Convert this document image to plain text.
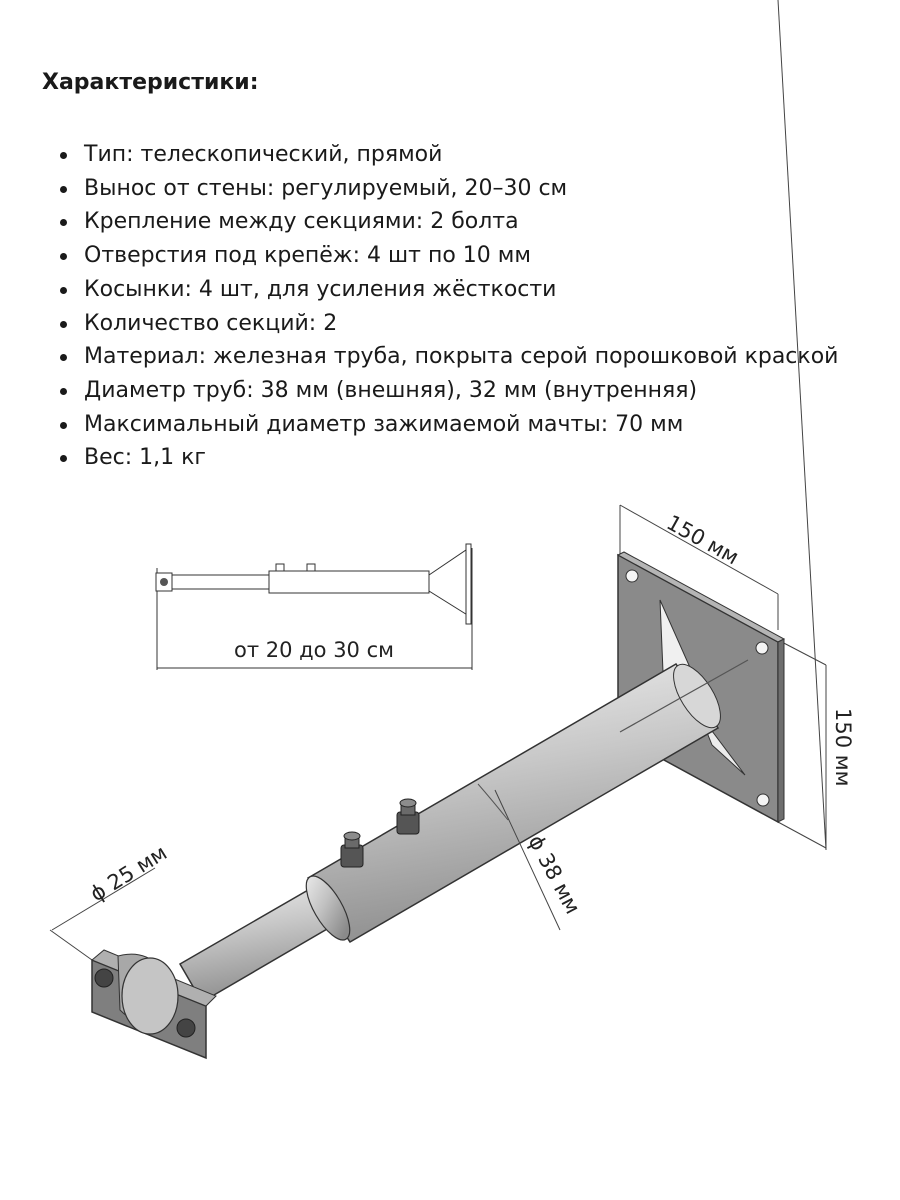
Характеристики:
Тип: телескопический, прямой
Вынос от стены: регулируемый, 20–30 см
Крепление между секциями: 2 болта
Отверстия под крепёж: 4 шт по 10 мм
Косынки: 4 шт, для усиления жёсткости
Количество секций: 2
Материал: железная труба, покрыта серой порошковой краской
Диаметр труб: 38 мм (внешняя), 32 мм (внутренняя)
Максимальный диаметр зажимаемой мачты: 70 мм
Вес: 1,1 кг
от 20 до 30 см
150 мм
150 мм
ϕ 25 мм	ϕ 38 мм
